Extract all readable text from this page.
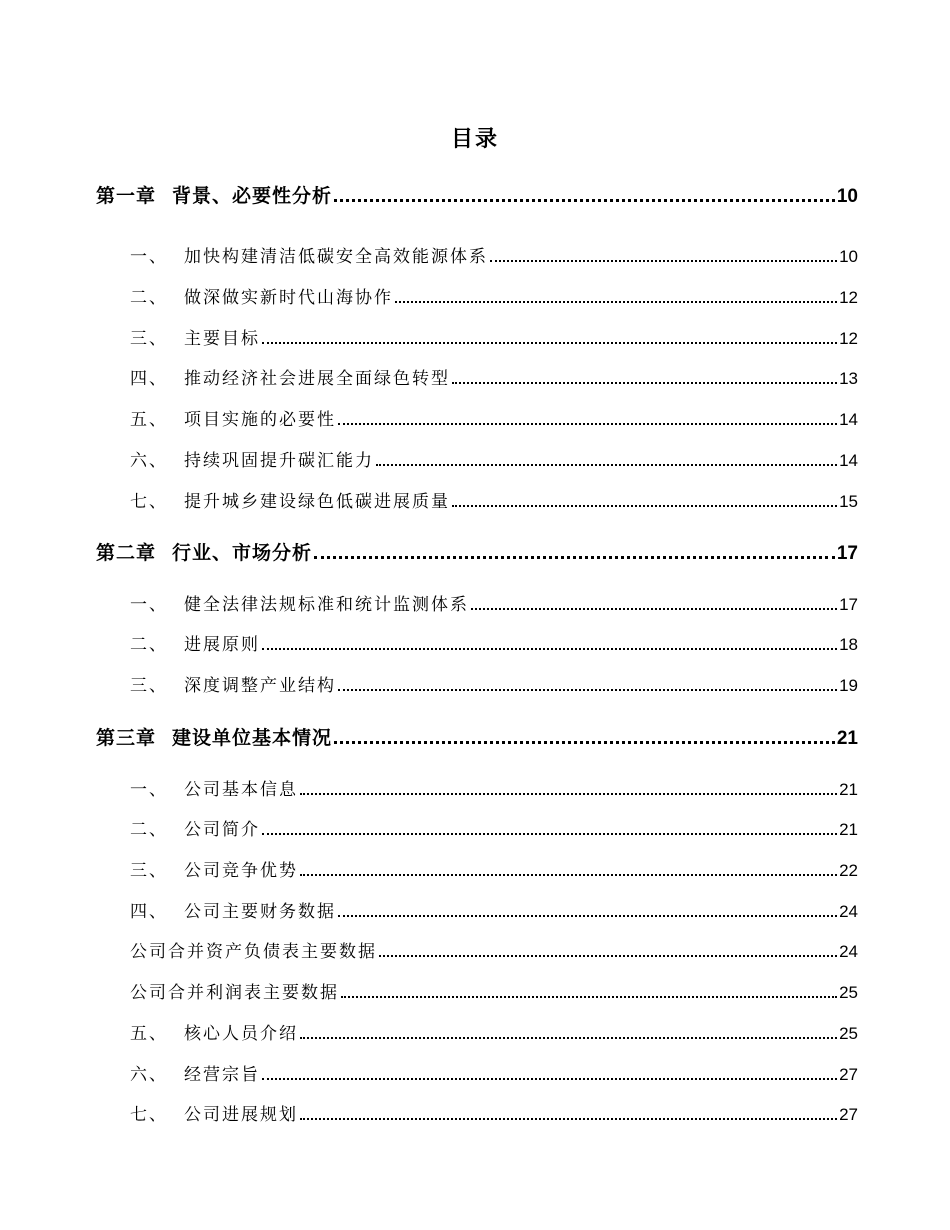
目录
第一章 背景、必要性分析	10
一、 加快构建清洁低碳安全高效能源体系	10
二、 做深做实新时代山海协作	12
三、 主要目标	12
四、 推动经济社会进展全面绿色转型	13
五、 项目实施的必要性	14
六、 持续巩固提升碳汇能力	14
七、 提升城乡建设绿色低碳进展质量	15
第二章 行业、市场分析	17
一、 健全法律法规标准和统计监测体系	17
二、 进展原则	18
三、 深度调整产业结构	19
第三章 建设单位基本情况	21
一、 公司基本信息	21
二、 公司简介	21
三、 公司竞争优势	22
四、 公司主要财务数据	24
公司合并资产负债表主要数据	24
公司合并利润表主要数据	25
五、 核心人员介绍	25
六、 经营宗旨	27
七、 公司进展规划	27
